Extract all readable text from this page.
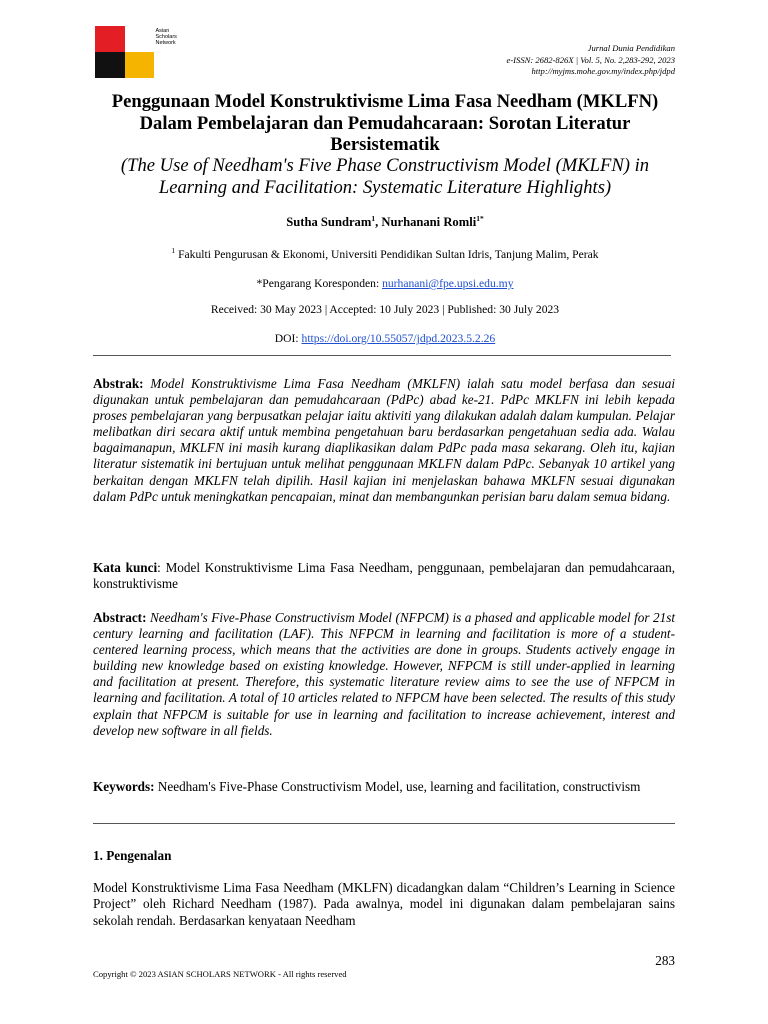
Asian
Scholars
Network	Jurnal Dunia Pendidikan
e-ISSN: 2682-826X | Vol. 5, No. 2,283-292, 2023
http://myjms.mohe.gov.my/index.php/jdpd
Penggunaan Model Konstruktivisme Lima Fasa Needham (MKLFN) Dalam Pembelajaran dan Pemudahcaraan: Sorotan Literatur Bersistematik
(The Use of Needham's Five Phase Constructivism Model (MKLFN) in Learning and Facilitation: Systematic Literature Highlights)
Sutha Sundram$^1$, Nurhanani Romli$^{1*}$
$^1$ Fakulti Pengurusan & Ekonomi, Universiti Pendidikan Sultan Idris, Tanjung Malim, Perak
*Pengarang Koresponden: nurhanani@fpe.upsi.edu.my
Received: 30 May 2023 | Accepted: 10 July 2023 | Published: 30 July 2023
DOI: https://doi.org/10.55057/jdpd.2023.5.2.26
Abstrak: Model Konstruktivisme Lima Fasa Needham (MKLFN) ialah satu model berfasa dan sesuai digunakan untuk pembelajaran dan pemudahcaraan (PdPc) abad ke-21. PdPc MKLFN ini lebih kepada proses pembelajaran yang berpusatkan pelajar iaitu aktiviti yang dilakukan adalah dalam kumpulan. Pelajar melibatkan diri secara aktif untuk membina pengetahuan baru berdasarkan pengetahuan sedia ada. Walau bagaimanapun, MKLFN ini masih kurang diaplikasikan dalam PdPc pada masa sekarang. Oleh itu, kajian literatur sistematik ini bertujuan untuk melihat penggunaan MKLFN dalam PdPc. Sebanyak 10 artikel yang berkaitan dengan MKLFN telah dipilih. Hasil kajian ini menjelaskan bahawa MKLFN sesuai digunakan dalam PdPc untuk meningkatkan pencapaian, minat dan membangunkan perisian baru dalam semua bidang.
Kata kunci: Model Konstruktivisme Lima Fasa Needham, penggunaan, pembelajaran dan pemudahcaraan, konstruktivisme
Abstract: Needham's Five-Phase Constructivism Model (NFPCM) is a phased and applicable model for 21st century learning and facilitation (LAF). This NFPCM in learning and facilitation is more of a student-centered learning process, which means that the activities are done in groups. Students actively engage in building new knowledge based on existing knowledge. However, NFPCM is still under-applied in learning and facilitation at present. Therefore, this systematic literature review aims to see the use of NFPCM in learning and facilitation. A total of 10 articles related to NFPCM have been selected. The results of this study explain that NFPCM is suitable for use in learning and facilitation to increase achievement, interest and develop new software in all fields.
Keywords: Needham's Five-Phase Constructivism Model, use, learning and facilitation, constructivism
1. Pengenalan
Model Konstruktivisme Lima Fasa Needham (MKLFN) dicadangkan dalam “Children’s Learning in Science Project” oleh Richard Needham (1987). Pada awalnya, model ini digunakan dalam pembelajaran sains sekolah rendah. Berdasarkan kenyataan Needham
283
Copyright © 2023 ASIAN SCHOLARS NETWORK - All rights reserved
